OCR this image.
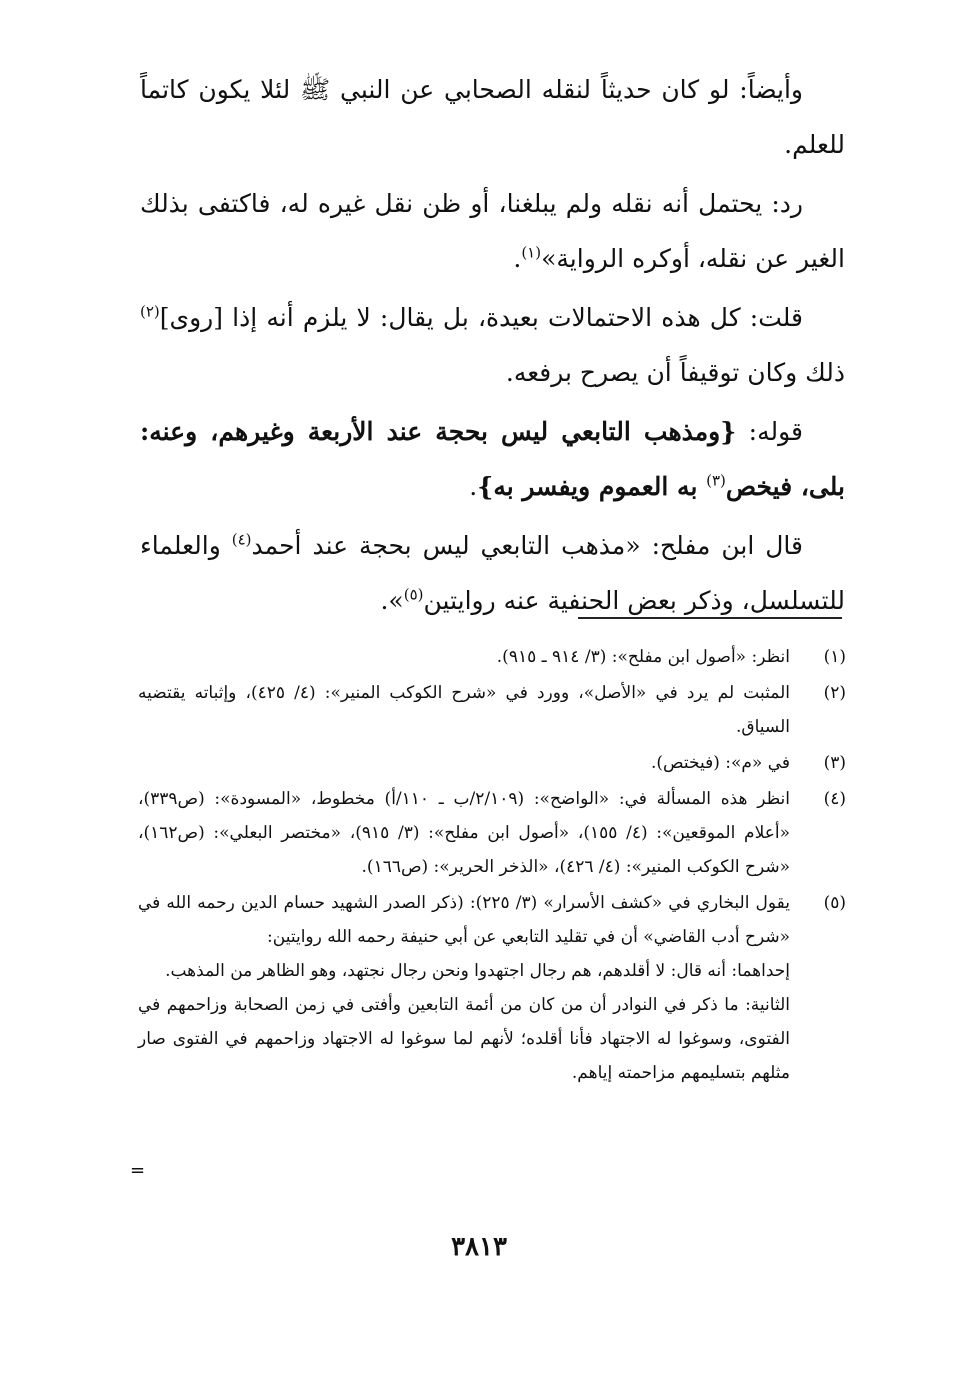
وأيضاً: لو كان حديثاً لنقله الصحابي عن النبي ﷺ لئلا يكون كاتماً للعلم.

رد: يحتمل أنه نقله ولم يبلغنا، أو ظن نقل غيره له، فاكتفى بذلك الغير عن نقله، أوكره الرواية»$^{(١)}$.

قلت: كل هذه الاحتمالات بعيدة، بل يقال: لا يلزم أنه إذا [روى]$^{(٢)}$ ذلك وكان توقيفاً أن يصرح برفعه.

قوله: {ومذهب التابعي ليس بحجة عند الأربعة وغيرهم، وعنه: بلى، فيخص$^{(٣)}$ به العموم ويفسر به}.

قال ابن مفلح: «مذهب التابعي ليس بحجة عند أحمد$^{(٤)}$ والعلماء للتسلسل، وذكر بعض الحنفية عنه روايتين$^{(٥)}$».

(١)
انظر: «أصول ابن مفلح»: (٣/ ٩١٤ ـ ٩١٥).
(٢)
المثبت لم يرد في «الأصل»، وورد في «شرح الكوكب المنير»: (٤/ ٤٢٥)، وإثباته يقتضيه السياق.
(٣)
في «م»: (فيختص).
(٤)
انظر هذه المسألة في: «الواضح»: (٢/١٠٩/ب ـ ١١٠/أ) مخطوط، «المسودة»: (ص٣٣٩)، «أعلام الموقعين»: (٤/ ١٥٥)، «أصول ابن مفلح»: (٣/ ٩١٥)، «مختصر البعلي»: (ص١٦٢)، «شرح الكوكب المنير»: (٤/ ٤٢٦)، «الذخر الحرير»: (ص١٦٦).
(٥)

يقول البخاري في «كشف الأسرار» (٣/ ٢٢٥): (ذكر الصدر الشهيد حسام الدين رحمه الله في «شرح أدب القاضي» أن في تقليد التابعي عن أبي حنيفة رحمه الله روايتين:

إحداهما: أنه قال: لا أقلدهم، هم رجال اجتهدوا ونحن رجال نجتهد، وهو الظاهر من المذهب.

الثانية: ما ذكر في النوادر أن من كان من أئمة التابعين وأفتى في زمن الصحابة وزاحمهم في الفتوى، وسوغوا له الاجتهاد فأنا أقلده؛ لأنهم لما سوغوا له الاجتهاد وزاحمهم في الفتوى صار مثلهم بتسليمهم مزاحمته إياهم.

=
٣٨١٣
